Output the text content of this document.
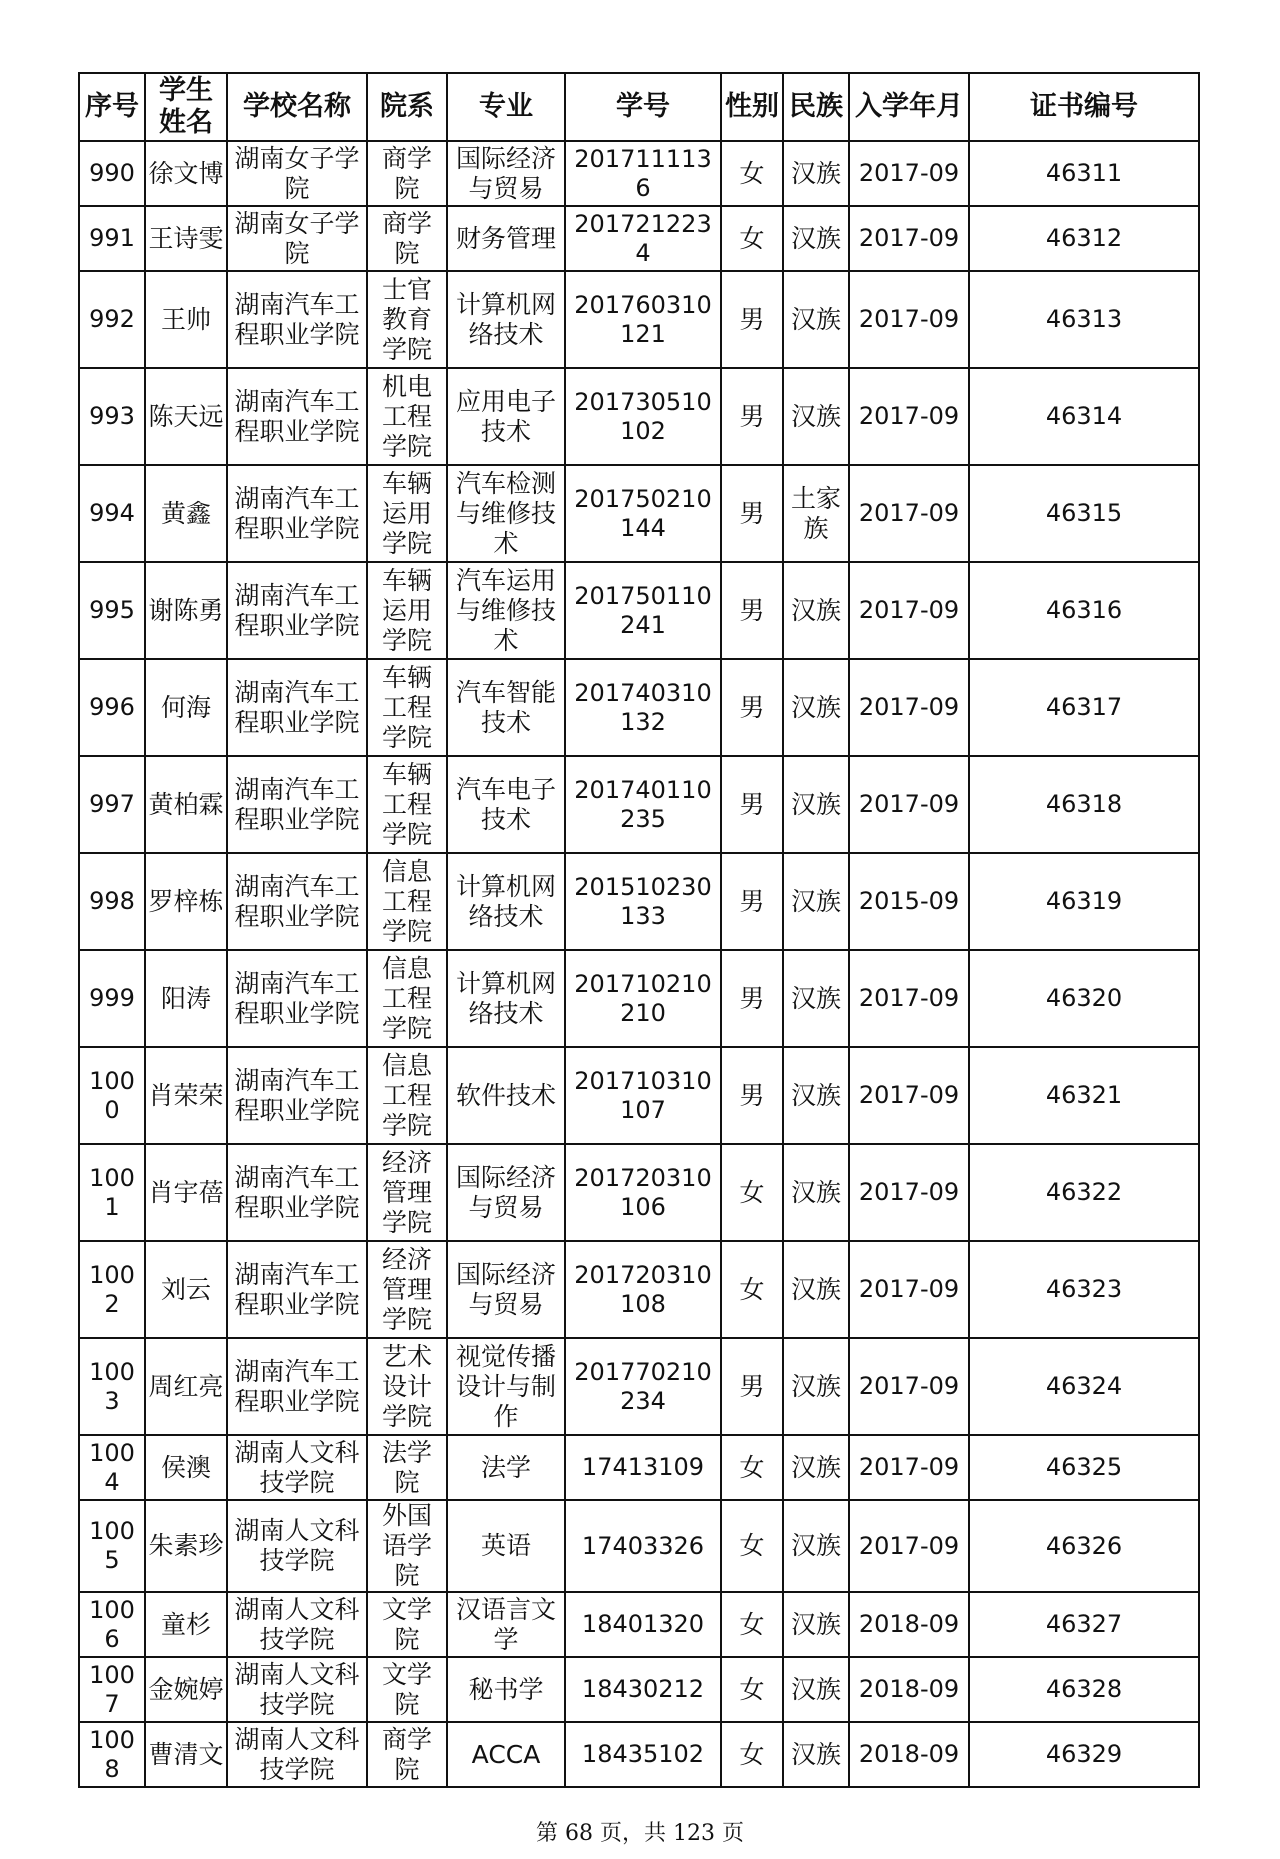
序号	学生姓名	学校名称	院系	专业	学号	性别	民族	入学年月	证书编号
990	徐文博	湖南女子学院	商学院	国际经济与贸易	2017111136	女	汉族	2017-09	46311
991	王诗雯	湖南女子学院	商学院	财务管理	2017212234	女	汉族	2017-09	46312
992	王帅	湖南汽车工程职业学院	士官教育学院	计算机网络技术	201760310121	男	汉族	2017-09	46313
993	陈天远	湖南汽车工程职业学院	机电工程学院	应用电子技术	201730510102	男	汉族	2017-09	46314
994	黄鑫	湖南汽车工程职业学院	车辆运用学院	汽车检测与维修技术	201750210144	男	土家族	2017-09	46315
995	谢陈勇	湖南汽车工程职业学院	车辆运用学院	汽车运用与维修技术	201750110241	男	汉族	2017-09	46316
996	何海	湖南汽车工程职业学院	车辆工程学院	汽车智能技术	201740310132	男	汉族	2017-09	46317
997	黄柏霖	湖南汽车工程职业学院	车辆工程学院	汽车电子技术	201740110235	男	汉族	2017-09	46318
998	罗梓栋	湖南汽车工程职业学院	信息工程学院	计算机网络技术	201510230133	男	汉族	2015-09	46319
999	阳涛	湖南汽车工程职业学院	信息工程学院	计算机网络技术	201710210210	男	汉族	2017-09	46320
1000	肖荣荣	湖南汽车工程职业学院	信息工程学院	软件技术	201710310107	男	汉族	2017-09	46321
1001	肖宇蓓	湖南汽车工程职业学院	经济管理学院	国际经济与贸易	201720310106	女	汉族	2017-09	46322
1002	刘云	湖南汽车工程职业学院	经济管理学院	国际经济与贸易	201720310108	女	汉族	2017-09	46323
1003	周红亮	湖南汽车工程职业学院	艺术设计学院	视觉传播设计与制作	201770210234	男	汉族	2017-09	46324
1004	侯澳	湖南人文科技学院	法学院	法学	17413109	女	汉族	2017-09	46325
1005	朱素珍	湖南人文科技学院	外国语学院	英语	17403326	女	汉族	2017-09	46326
1006	童杉	湖南人文科技学院	文学院	汉语言文学	18401320	女	汉族	2018-09	46327
1007	金婉婷	湖南人文科技学院	文学院	秘书学	18430212	女	汉族	2018-09	46328
1008	曹清文	湖南人文科技学院	商学院	ACCA	18435102	女	汉族	2018-09	46329
第 68 页，共 123 页
